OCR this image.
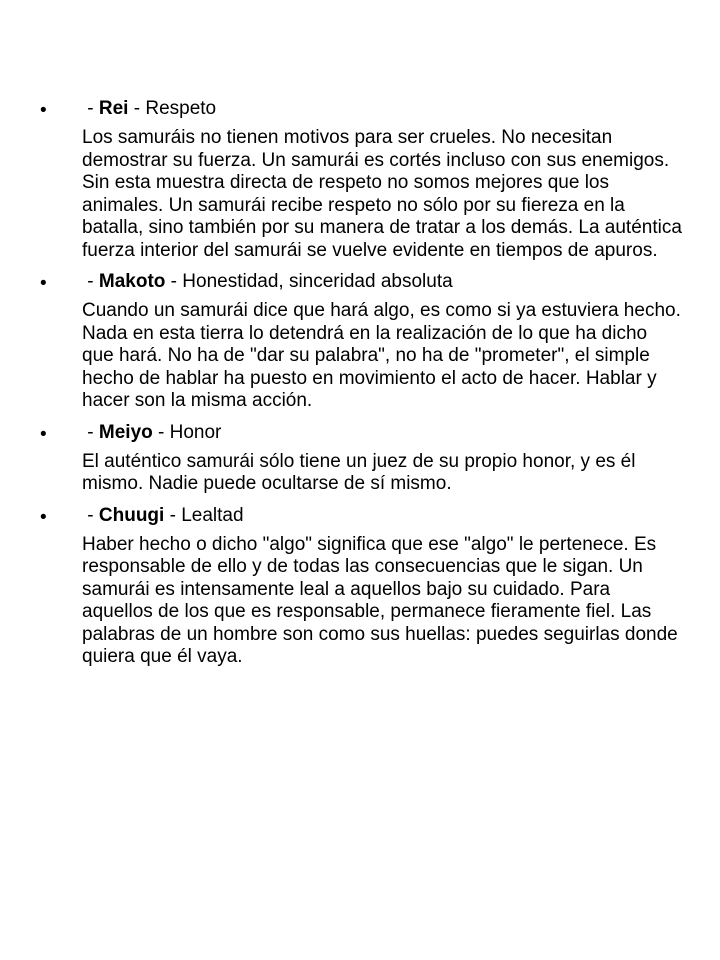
• - Rei - Respeto
Los samuráis no tienen motivos para ser crueles. No necesitan demostrar su fuerza. Un samurái es cortés incluso con sus enemigos. Sin esta muestra directa de respeto no somos mejores que los animales. Un samurái recibe respeto no sólo por su fiereza en la batalla, sino también por su manera de tratar a los demás. La auténtica fuerza interior del samurái se vuelve evidente en tiempos de apuros.
• - Makoto - Honestidad, sinceridad absoluta
Cuando un samurái dice que hará algo, es como si ya estuviera hecho. Nada en esta tierra lo detendrá en la realización de lo que ha dicho que hará. No ha de "dar su palabra", no ha de "prometer", el simple hecho de hablar ha puesto en movimiento el acto de hacer. Hablar y hacer son la misma acción.
• - Meiyo - Honor
El auténtico samurái sólo tiene un juez de su propio honor, y es él mismo. Nadie puede ocultarse de sí mismo.
• - Chuugi - Lealtad
Haber hecho o dicho "algo" significa que ese "algo" le pertenece. Es responsable de ello y de todas las consecuencias que le sigan. Un samurái es intensamente leal a aquellos bajo su cuidado. Para aquellos de los que es responsable, permanece fieramente fiel. Las palabras de un hombre son como sus huellas: puedes seguirlas donde quiera que él vaya.
